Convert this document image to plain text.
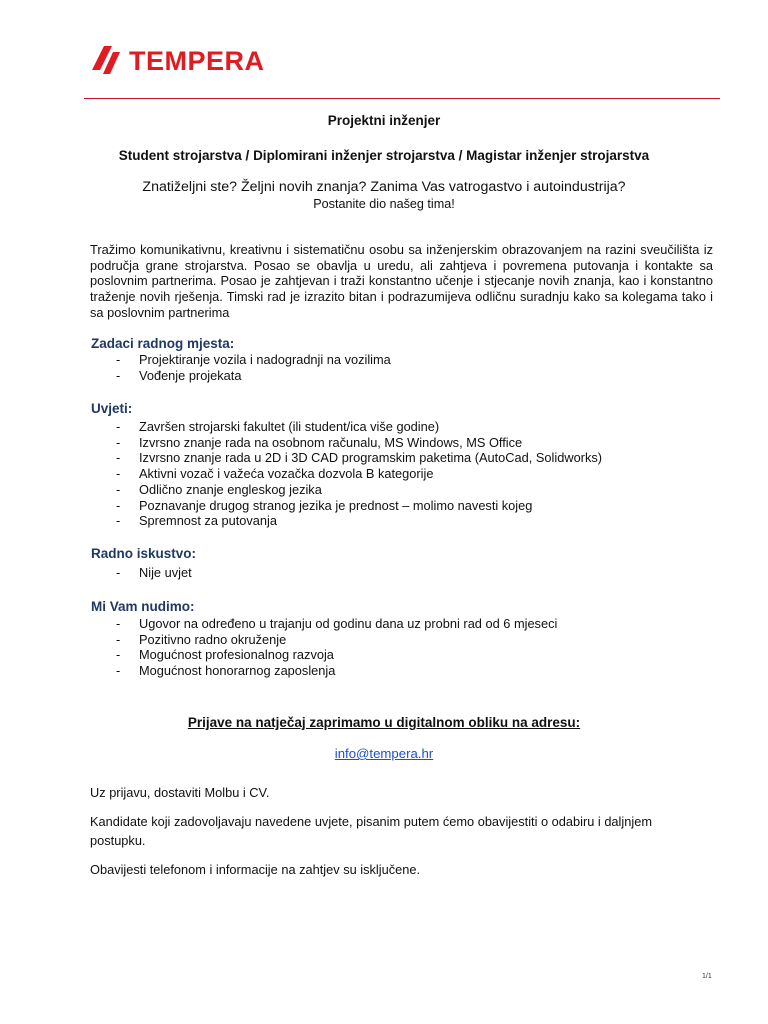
TEMPERA
Projektni inženjer
Student strojarstva / Diplomirani inženjer strojarstva / Magistar inženjer strojarstva
Znatiželjni ste? Željni novih znanja? Zanima Vas vatrogastvo i autoindustrija?
Postanite dio našeg tima!
Tražimo komunikativnu, kreativnu i sistematičnu osobu sa inženjerskim obrazovanjem na razini sveučilišta iz područja grane strojarstva. Posao se obavlja u uredu, ali zahtjeva i povremena putovanja i kontakte sa poslovnim partnerima. Posao je zahtjevan i traži konstantno učenje i stjecanje novih znanja, kao i konstantno traženje novih rješenja. Timski rad je izrazito bitan i podrazumijeva odličnu suradnju kako sa kolegama tako i sa poslovnim partnerima
Zadaci radnog mjesta:
- Projektiranje vozila i nadogradnji na vozilima
- Vođenje projekata
Uvjeti:
- Završen strojarski fakultet (ili student/ica više godine)
- Izvrsno znanje rada na osobnom računalu, MS Windows, MS Office
- Izvrsno znanje rada u 2D i 3D CAD programskim paketima (AutoCad, Solidworks)
- Aktivni vozač i važeća vozačka dozvola B kategorije
- Odlično znanje engleskog jezika
- Poznavanje drugog stranog jezika je prednost – molimo navesti kojeg
- Spremnost za putovanja
Radno iskustvo:
- Nije uvjet
Mi Vam nudimo:
- Ugovor na određeno u trajanju od godinu dana uz probni rad od 6 mjeseci
- Pozitivno radno okruženje
- Mogućnost profesionalnog razvoja
- Mogućnost honorarnog zaposlenja
Prijave na natječaj zaprimamo u digitalnom obliku na adresu:
info@tempera.hr
Uz prijavu, dostaviti Molbu i CV.
Kandidate koji zadovoljavaju navedene uvjete, pisanim putem ćemo obavijestiti o odabiru i daljnjem postupku.
Obavijesti telefonom i informacije na zahtjev su isključene.
1/1
